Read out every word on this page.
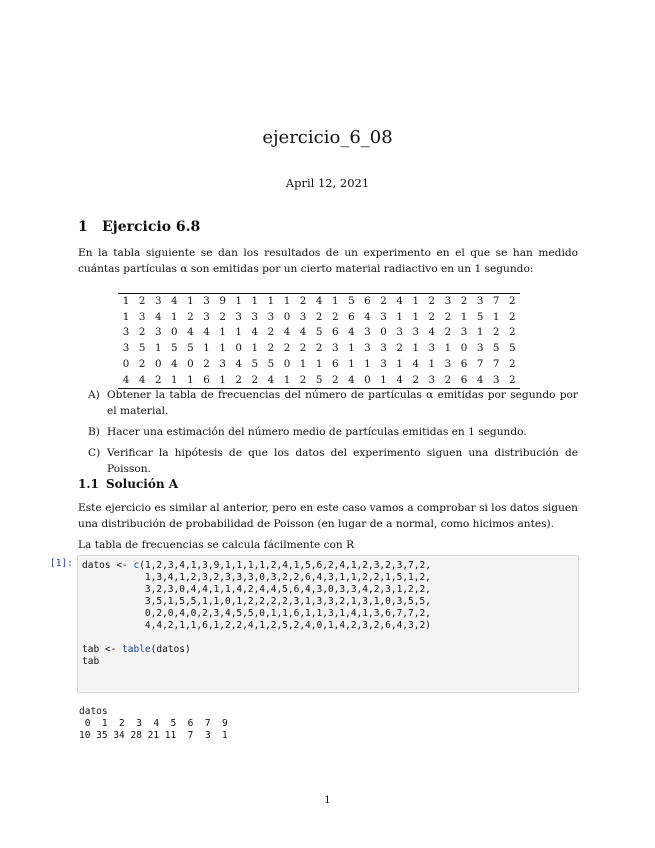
ejercicio_6_08
April 12, 2021
1 Ejercicio 6.8
En la tabla siguiente se dan los resultados de un experimento en el que se han medido cuántas partículas α son emitidas por un cierto material radiactivo en un 1 segundo:
1	2	3	4	1	3	9	1	1	1	1	2	4	1	5	6	2	4	1	2	3	2	3	7	2
1	3	4	1	2	3	2	3	3	3	0	3	2	2	6	4	3	1	1	2	2	1	5	1	2
3	2	3	0	4	4	1	1	4	2	4	4	5	6	4	3	0	3	3	4	2	3	1	2	2
3	5	1	5	5	1	1	0	1	2	2	2	2	3	1	3	3	2	1	3	1	0	3	5	5
0	2	0	4	0	2	3	4	5	5	0	1	1	6	1	1	3	1	4	1	3	6	7	7	2
4	4	2	1	1	6	1	2	2	4	1	2	5	2	4	0	1	4	2	3	2	6	4	3	2
A) Obtener la tabla de frecuencias del número de partículas α emitidas por segundo por el material.
B) Hacer una estimación del número medio de partículas emitidas en 1 segundo.
C) Verificar la hipótesis de que los datos del experimento siguen una distribución de Poisson.
1.1 Solución A
Este ejercicio es similar al anterior, pero en este caso vamos a comprobar si los datos siguen una distribución de probabilidad de Poisson (en lugar de a normal, como hicimos antes).
La tabla de frecuencias se calcula fácilmente con R
[1]: datos <- c(1,2,3,4,1,3,9,1,1,1,1,2,4,1,5,6,2,4,1,2,3,2,3,7,2,
1,3,4,1,2,3,2,3,3,3,0,3,2,2,6,4,3,1,1,2,2,1,5,1,2,
3,2,3,0,4,4,1,1,4,2,4,4,5,6,4,3,0,3,3,4,2,3,1,2,2,
3,5,1,5,5,1,1,0,1,2,2,2,2,3,1,3,3,2,1,3,1,0,3,5,5,
0,2,0,4,0,2,3,4,5,5,0,1,1,6,1,1,3,1,4,1,3,6,7,7,2,
4,4,2,1,1,6,1,2,2,4,1,2,5,2,4,0,1,4,2,3,2,6,4,3,2)

tab <- table(datos)
tab
datos
0  1  2  3  4  5  6  7  9
10 35 34 28 21 11  7  3  1
1
